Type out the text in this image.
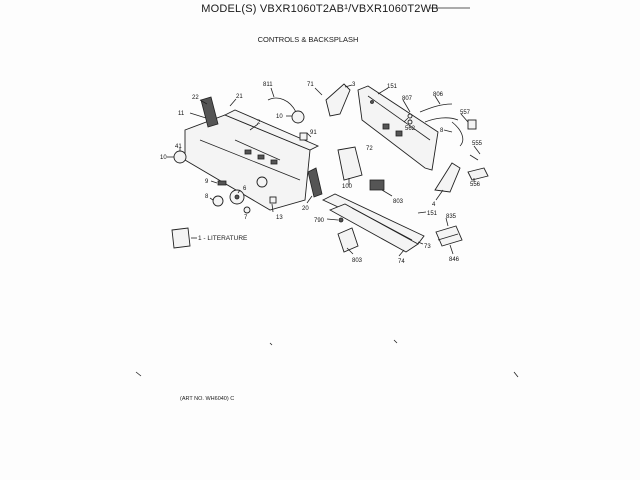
MODEL(S) VBXR1060T2AB¹/VBXR1060T2WB
CONTROLS & BACKSPLASH
22	21
11
2
41
10
9
8
6
7	13
20
811	71	3
10
91
100
151
807
806
8
557
562
72
555
556
803	4
151
790
835
73
74
803	846
1 - LITERATURE
(ART NO. WH6040) C
